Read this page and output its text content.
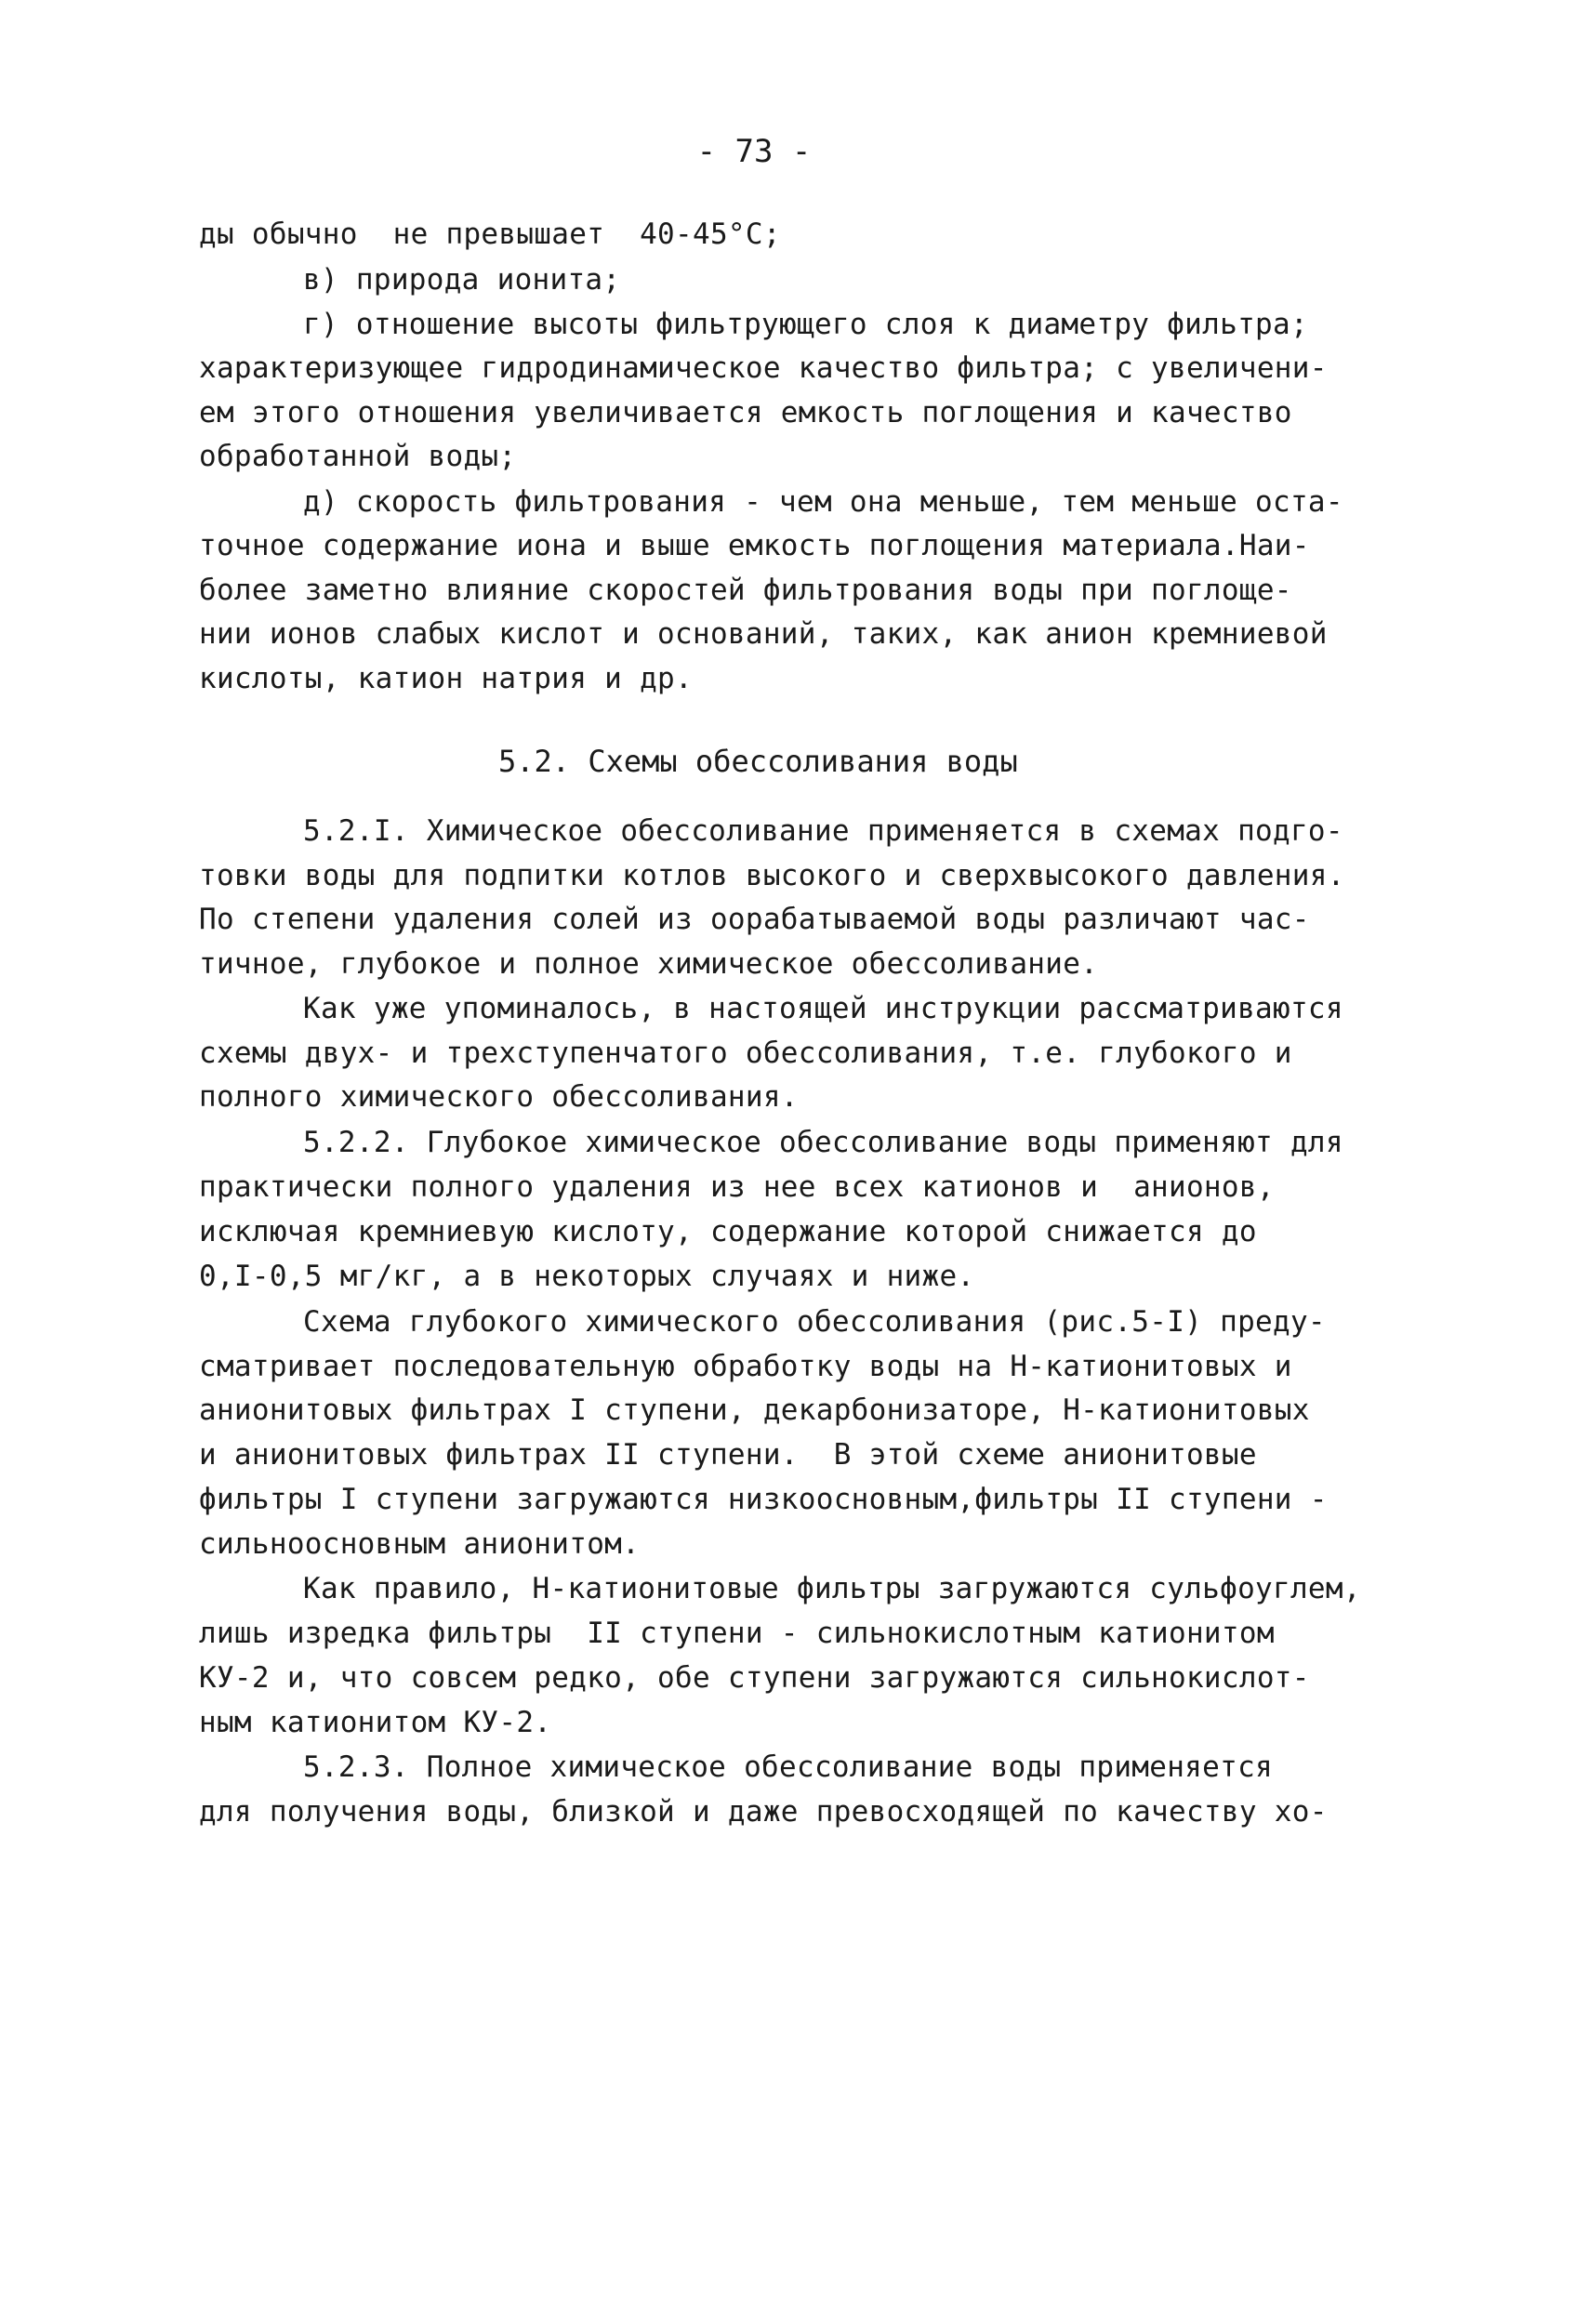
- 73 -
ды обычно  не превышает  40-45°C;
в) природа ионита;
г) отношение высоты фильтрующего слоя к диаметру фильтра;
характеризующее гидродинамическое качество фильтра; с увеличени-
ем этого отношения увеличивается емкость поглощения и качество
обработанной воды;
д) скорость фильтрования - чем она меньше, тем меньше оста-
точное содержание иона и выше емкость поглощения материала.Наи-
более заметно влияние скоростей фильтрования воды при поглоще-
нии ионов слабых кислот и оснований, таких, как анион кремниевой
кислоты, катион натрия и др.
5.2. Схемы обессоливания воды
5.2.I. Химическое обессоливание применяется в схемах подго-
товки воды для подпитки котлов высокого и сверхвысокого давления.
По степени удаления солей из оорабатываемой воды различают час-
тичное, глубокое и полное химическое обессоливание.
Как уже упоминалось, в настоящей инструкции рассматриваются
схемы двух- и трехступенчатого обессоливания, т.е. глубокого и
полного химического обессоливания.
5.2.2. Глубокое химическое обессоливание воды применяют для
практически полного удаления из нее всех катионов и  анионов,
исключая кремниевую кислоту, содержание которой снижается до
0,I-0,5 мг/кг, а в некоторых случаях и ниже.
Схема глубокого химического обессоливания (рис.5-I) преду-
сматривает последовательную обработку воды на Н-катионитовых и
анионитовых фильтрах I ступени, декарбонизаторе, Н-катионитовых
и анионитовых фильтрах II ступени.  В этой схеме анионитовые
фильтры I ступени загружаются низкоосновным,фильтры II ступени -
сильноосновным анионитом.
Как правило, Н-катионитовые фильтры загружаются сульфоуглем,
лишь изредка фильтры  II ступени - сильнокислотным катионитом
КУ-2 и, что совсем редко, обе ступени загружаются сильнокислот-
ным катионитом КУ-2.
5.2.3. Полное химическое обессоливание воды применяется
для получения воды, близкой и даже превосходящей по качеству хо-
